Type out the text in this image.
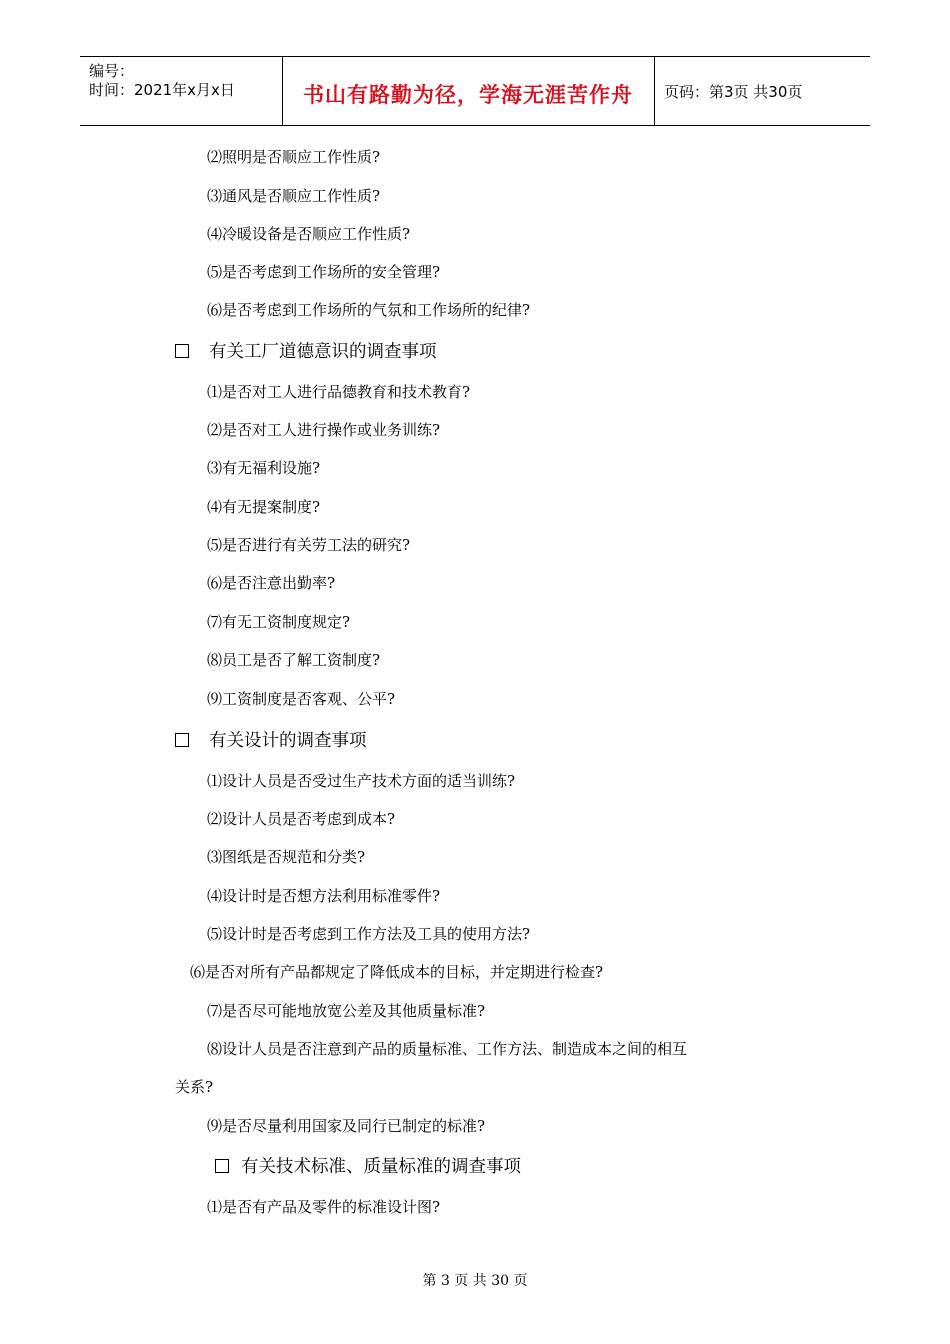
编号：
时间：2021年x月x日	书山有路勤为径，学海无涯苦作舟	页码：第3页 共30页
⑵照明是否顺应工作性质?
⑶通风是否顺应工作性质?
⑷冷暖设备是否顺应工作性质?
⑸是否考虑到工作场所的安全管理?
⑹是否考虑到工作场所的气氛和工作场所的纪律?
有关工厂道德意识的调查事项
⑴是否对工人进行品德教育和技术教育?
⑵是否对工人进行操作或业务训练?
⑶有无福利设施?
⑷有无提案制度?
⑸是否进行有关劳工法的研究?
⑹是否注意出勤率?
⑺有无工资制度规定?
⑻员工是否了解工资制度?
⑼工资制度是否客观、公平?
有关设计的调查事项
⑴设计人员是否受过生产技术方面的适当训练?
⑵设计人员是否考虑到成本?
⑶图纸是否规范和分类?
⑷设计时是否想方法利用标准零件?
⑸设计时是否考虑到工作方法及工具的使用方法?
⑹是否对所有产品都规定了降低成本的目标，并定期进行检查?
⑺是否尽可能地放宽公差及其他质量标准?
⑻设计人员是否注意到产品的质量标准、工作方法、制造成本之间的相互
关系?
⑼是否尽量利用国家及同行已制定的标准?
有关技术标准、质量标准的调查事项
⑴是否有产品及零件的标准设计图?
第 3 页 共 30 页
